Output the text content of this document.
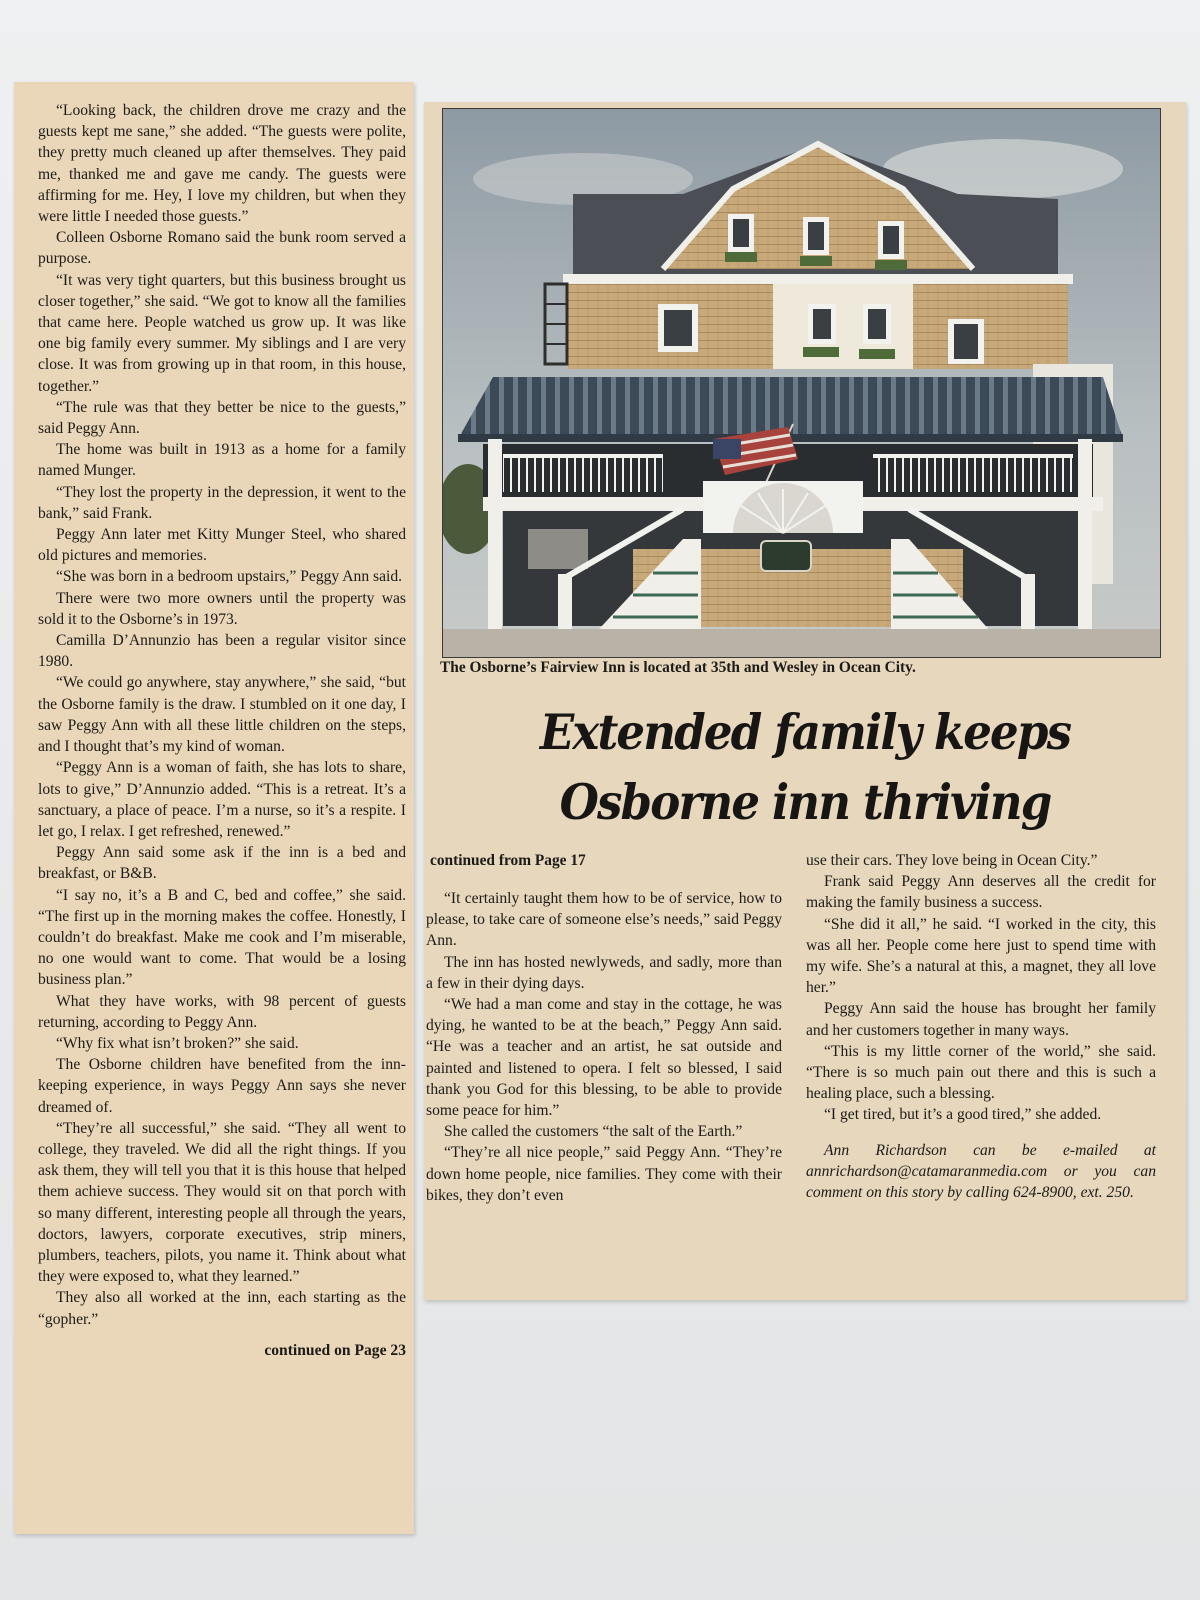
“Looking back, the children drove me crazy and the guests kept me sane,” she added. “The guests were polite, they pretty much cleaned up after themselves. They paid me, thanked me and gave me candy. The guests were affirming for me. Hey, I love my children, but when they were little I needed those guests.”

Colleen Osborne Romano said the bunk room served a purpose.

“It was very tight quarters, but this business brought us closer together,” she said. “We got to know all the families that came here. People watched us grow up. It was like one big family every summer. My siblings and I are very close. It was from growing up in that room, in this house, together.”

“The rule was that they better be nice to the guests,” said Peggy Ann.

The home was built in 1913 as a home for a family named Munger.

“They lost the property in the depression, it went to the bank,” said Frank.

Peggy Ann later met Kitty Munger Steel, who shared old pictures and memories.

“She was born in a bedroom upstairs,” Peggy Ann said.

There were two more owners until the property was sold it to the Osborne’s in 1973.

Camilla D’Annunzio has been a regular visitor since 1980.

“We could go anywhere, stay anywhere,” she said, “but the Osborne family is the draw. I stumbled on it one day, I saw Peggy Ann with all these little children on the steps, and I thought that’s my kind of woman.

“Peggy Ann is a woman of faith, she has lots to share, lots to give,” D’Annunzio added. “This is a retreat. It’s a sanctuary, a place of peace. I’m a nurse, so it’s a respite. I let go, I relax. I get refreshed, renewed.”

Peggy Ann said some ask if the inn is a bed and breakfast, or B&B.

“I say no, it’s a B and C, bed and coffee,” she said. “The first up in the morning makes the coffee. Honestly, I couldn’t do breakfast. Make me cook and I’m miserable, no one would want to come. That would be a losing business plan.”

What they have works, with 98 percent of guests returning, according to Peggy Ann.

“Why fix what isn’t broken?” she said.

The Osborne children have benefited from the inn-keeping experience, in ways Peggy Ann says she never dreamed of.

“They’re all successful,” she said. “They all went to college, they traveled. We did all the right things. If you ask them, they will tell you that it is this house that helped them achieve success. They would sit on that porch with so many different, interesting people all through the years, doctors, lawyers, corporate executives, strip miners, plumbers, teachers, pilots, you name it. Think about what they were exposed to, what they learned.”

They also all worked at the inn, each starting as the “gopher.”

continued on Page 23

The Osborne’s Fairview Inn is located at 35th and Wesley in Ocean City.
Extended family keeps
Osborne inn thriving
continued from Page 17

“It certainly taught them how to be of service, how to please, to take care of someone else’s needs,” said Peggy Ann.

The inn has hosted newlyweds, and sadly, more than a few in their dying days.

“We had a man come and stay in the cottage, he was dying, he wanted to be at the beach,” Peggy Ann said. “He was a teacher and an artist, he sat outside and painted and listened to opera. I felt so blessed, I said thank you God for this blessing, to be able to provide some peace for him.”

She called the customers “the salt of the Earth.”

“They’re all nice people,” said Peggy Ann. “They’re down home people, nice families. They come with their bikes, they don’t even

use their cars. They love being in Ocean City.”

Frank said Peggy Ann deserves all the credit for making the family business a success.

“She did it all,” he said. “I worked in the city, this was all her. People come here just to spend time with my wife. She’s a natural at this, a magnet, they all love her.”

Peggy Ann said the house has brought her family and her customers together in many ways.

“This is my little corner of the world,” she said. “There is so much pain out there and this is such a healing place, such a blessing.

“I get tired, but it’s a good tired,” she added.

Ann Richardson can be e-mailed at annrichardson@catamaranmedia.com or you can comment on this story by calling 624-8900, ext. 250.
